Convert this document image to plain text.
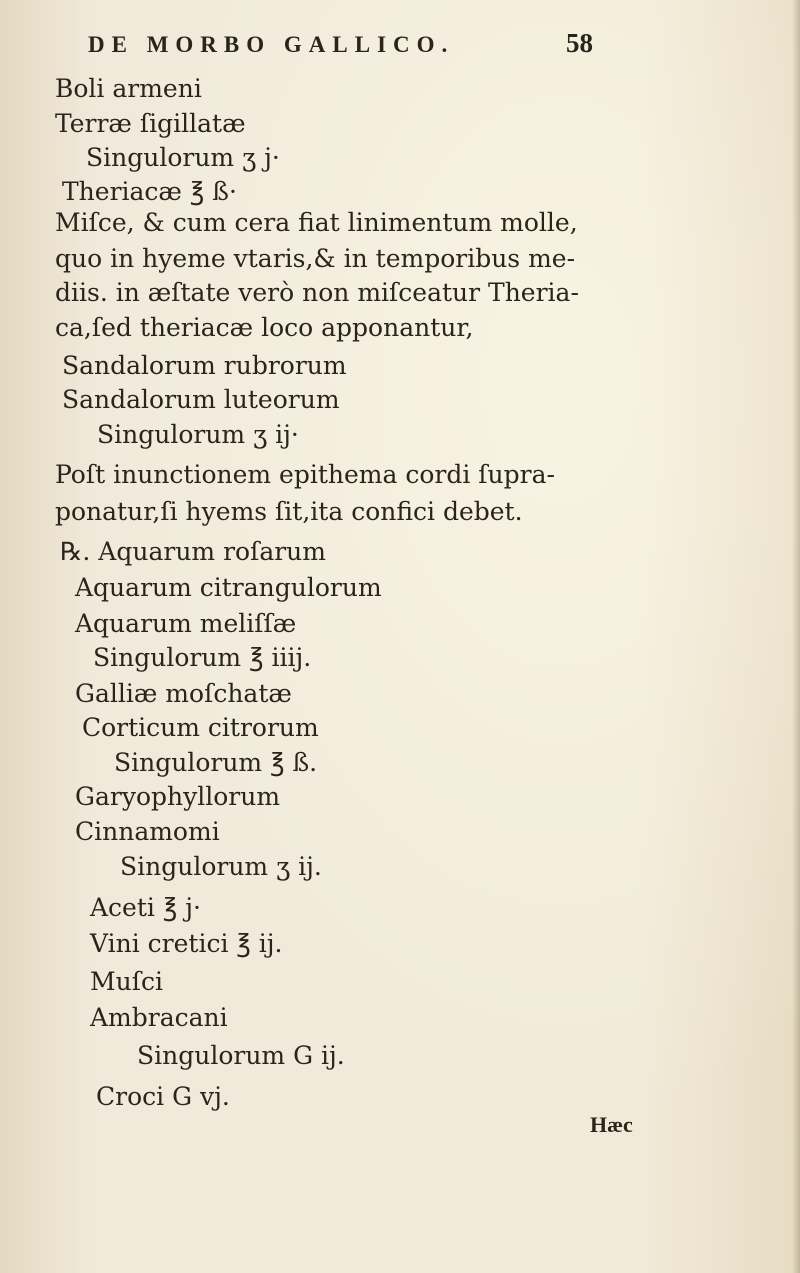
DE MORBO GALLICO.	58
Boli armeni
Terræ ſigillatæ
Singulorum ʒ j·
Theriacæ ℥ ß·
Miſce, & cum cera fiat linimentum molle,
quo in hyeme vtaris,& in temporibus me-
diis. in æſtate verò non miſceatur Theria-
ca,ſed theriacæ loco apponantur,
Sandalorum rubrorum
Sandalorum luteorum
Singulorum ʒ ij·
Poſt inunctionem epithema cordi ſupra-
ponatur,ſi hyems ſit,ita confici debet.
℞. Aquarum roſarum
Aquarum citrangulorum
Aquarum meliſſæ
Singulorum ℥ iiij.
Galliæ moſchatæ
Corticum citrorum
Singulorum ℥ ß.
Garyophyllorum
Cinnamomi
Singulorum ʒ ij.
Aceti ℥ j·
Vini cretici ℥ ij.
Muſci
Ambracani
Singulorum G ij.
Croci G vj.
Hæc
